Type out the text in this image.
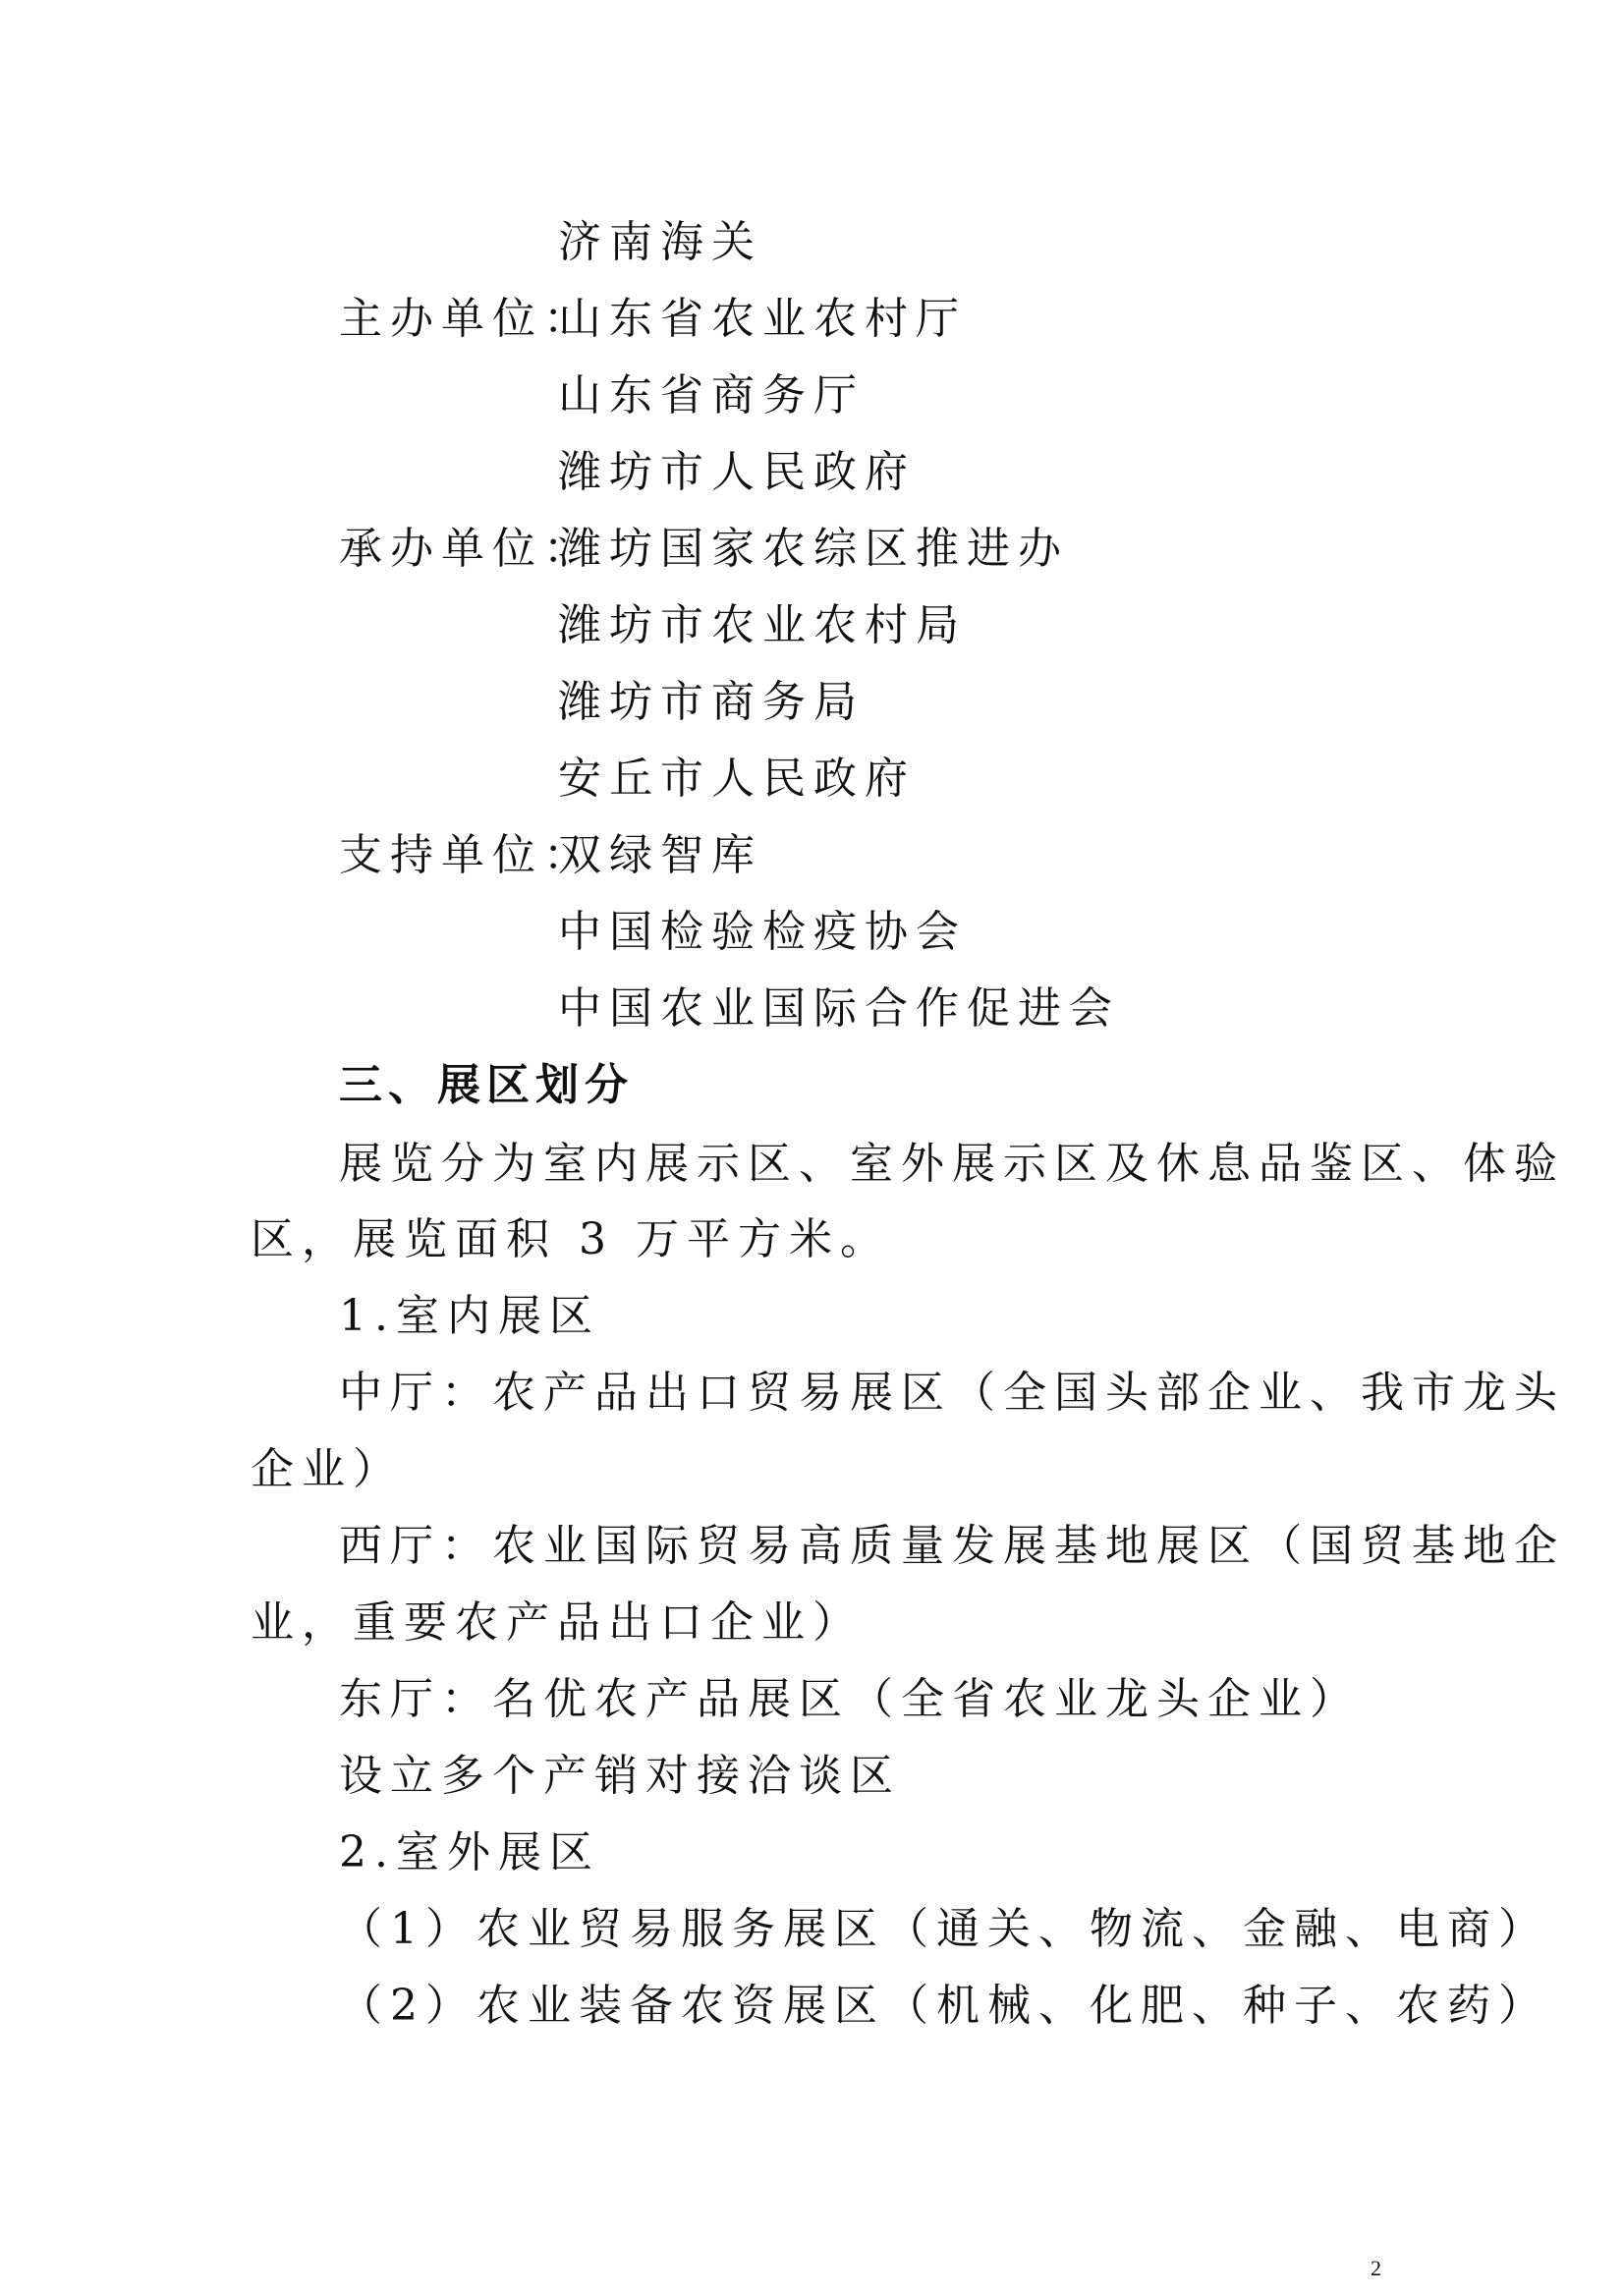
济南海关
主办单位：
山东省农业农村厅
山东省商务厅
潍坊市人民政府
承办单位：
潍坊国家农综区推进办
潍坊市农业农村局
潍坊市商务局
安丘市人民政府
支持单位：
双绿智库
中国检验检疫协会
中国农业国际合作促进会
三、展区划分
展览分为室内展示区、室外展示区及休息品鉴区、体验
区，展览面积 3 万平方米。
1.室内展区
中厅：农产品出口贸易展区（全国头部企业、我市龙头
企业）
西厅：农业国际贸易高质量发展基地展区（国贸基地企
业，重要农产品出口企业）
东厅：名优农产品展区（全省农业龙头企业）
设立多个产销对接洽谈区
2.室外展区
（1）农业贸易服务展区（通关、物流、金融、电商）
（2）农业装备农资展区（机械、化肥、种子、农药）
2
